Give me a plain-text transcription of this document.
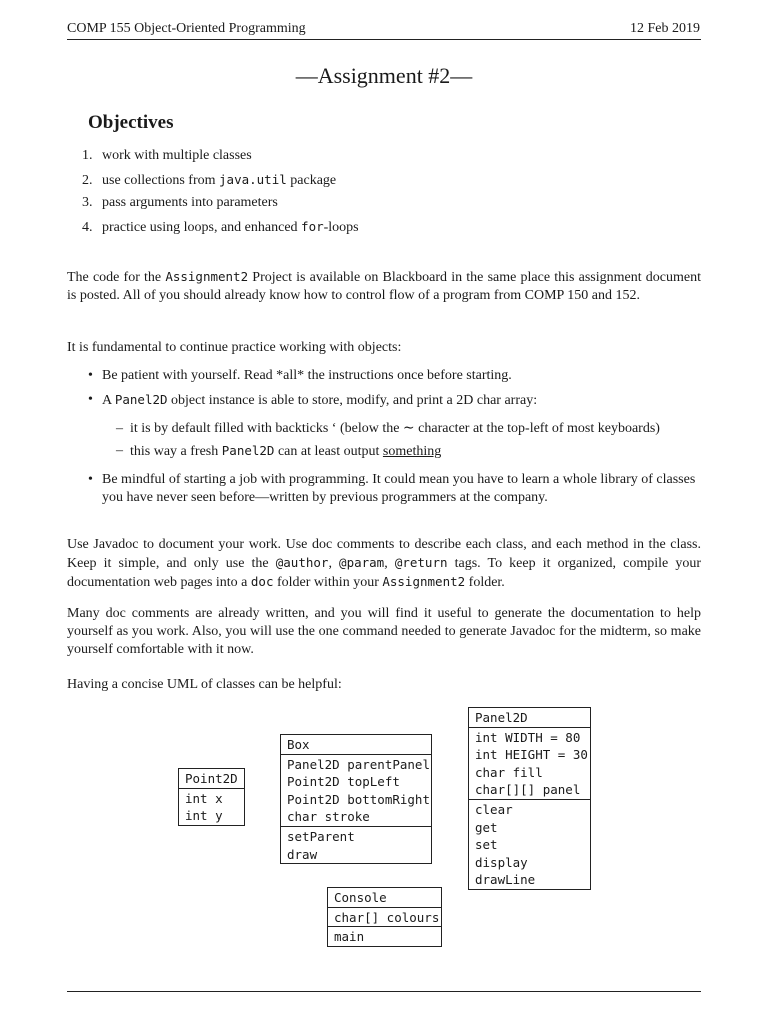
COMP 155 Object-Oriented Programming	12 Feb 2019
—Assignment #2—
Objectives
1. work with multiple classes
2. use collections from java.util package
3. pass arguments into parameters
4. practice using loops, and enhanced for-loops
The code for the Assignment2 Project is available on Blackboard in the same place this assignment document is posted. All of you should already know how to control flow of a program from COMP 150 and 152.
It is fundamental to continue practice working with objects:
• Be patient with yourself. Read *all* the instructions once before starting.
• A Panel2D object instance is able to store, modify, and print a 2D char array:
– it is by default filled with backticks ‘ (below the ∼ character at the top-left of most keyboards)
– this way a fresh Panel2D can at least output something
• Be mindful of starting a job with programming. It could mean you have to learn a whole library of classes you have never seen before—written by previous programmers at the company.
Use Javadoc to document your work. Use doc comments to describe each class, and each method in the class. Keep it simple, and only use the @author, @param, @return tags. To keep it organized, compile your documentation web pages into a doc folder within your Assignment2 folder.
Many doc comments are already written, and you will find it useful to generate the documentation to help yourself as you work. Also, you will use the one command needed to generate Javadoc for the midterm, so make yourself comfortable with it now.
Having a concise UML of classes can be helpful:
Point2D
int x
int y
Box
Panel2D parentPanel
Point2D topLeft
Point2D bottomRight
char stroke
setParent
draw
Panel2D
int WIDTH = 80
int HEIGHT = 30
char fill
char[][] panel
clear
get
set
display
drawLine
Console
char[] colours
main
